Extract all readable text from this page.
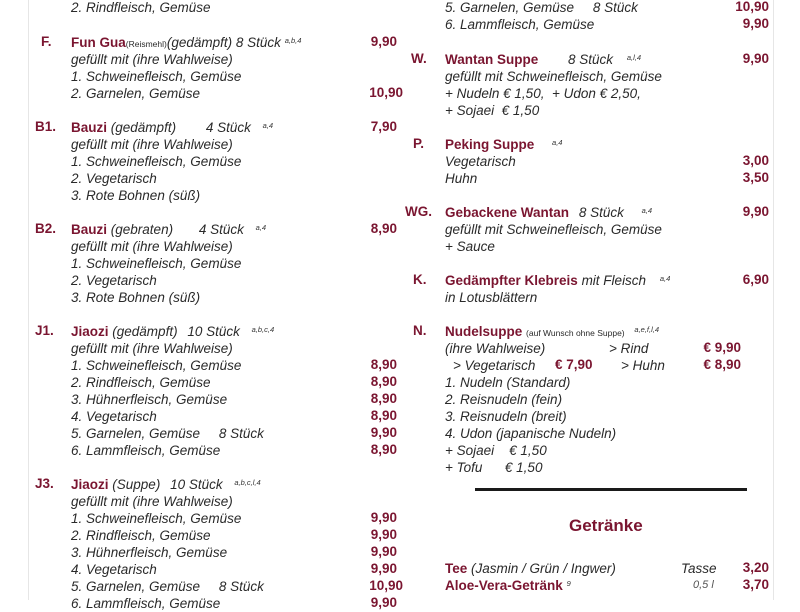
2. Rindfleisch, Gemüse
F. Fun Gua(Reismehl)(gedämpft) 8 Stück $^{a,b,4}$	9,90
gefüllt mit (ihre Wahlweise)
1. Schweinefleisch, Gemüse
2. Garnelen, Gemüse	10,90
B1. Bauzi (gedämpft) 4 Stück $^{a,4}$	7,90
gefüllt mit (ihre Wahlweise)
1. Schweinefleisch, Gemüse
2. Vegetarisch
3. Rote Bohnen (süß)
B2. Bauzi (gebraten) 4 Stück $^{a,4}$	8,90
gefüllt mit (ihre Wahlweise)
1. Schweinefleisch, Gemüse
2. Vegetarisch
3. Rote Bohnen (süß)
J1. Jiaozi (gedämpft) 10 Stück $^{a,b,c,4}$
gefüllt mit (ihre Wahlweise)
1. Schweinefleisch, Gemüse	8,90
2. Rindfleisch, Gemüse	8,90
3. Hühnerfleisch, Gemüse	8,90
4. Vegetarisch	8,90
5. Garnelen, Gemüse     8 Stück	9,90
6. Lammfleisch, Gemüse	8,90
J3. Jiaozi (Suppe) 10 Stück $^{a,b,c,l,4}$
gefüllt mit (ihre Wahlweise)
1. Schweinefleisch, Gemüse	9,90
2. Rindfleisch, Gemüse	9,90
3. Hühnerfleisch, Gemüse	9,90
4. Vegetarisch	9,90
5. Garnelen, Gemüse     8 Stück	10,90
6. Lammfleisch, Gemüse	9,90
5. Garnelen, Gemüse     8 Stück	10,90
6. Lammfleisch, Gemüse	9,90
W. Wantan Suppe 8 Stück $^{a,l,4}$	9,90
gefüllt mit Schweinefleisch, Gemüse
+ Nudeln € 1,50,  + Udon € 2,50,
+ Sojaei  € 1,50
P. Peking Suppe $^{a,4}$
Vegetarisch	3,00
Huhn	3,50
WG. Gebackene Wantan 8 Stück $^{a,4}$	9,90
gefüllt mit Schweinefleisch, Gemüse
+ Sauce
K. Gedämpfter Klebreis mit Fleisch $^{a,4}$	6,90
in Lotusblättern
N. Nudelsuppe (auf Wunsch ohne Suppe) $^{a,e,f,l,4}$
(ihre Wahlweise)	> Rind	€ 9,90
> Vegetarisch € 7,90 > Huhn	€ 8,90
1. Nudeln (Standard)
2. Reisnudeln (fein)
3. Reisnudeln (breit)
4. Udon (japanische Nudeln)
+ Sojaei    € 1,50
+ Tofu      € 1,50
Getränke
Tee (Jasmin / Grün / Ingwer)	Tasse 3,20
Aloe-Vera-Getränk $^9$	0,5 l 3,70
